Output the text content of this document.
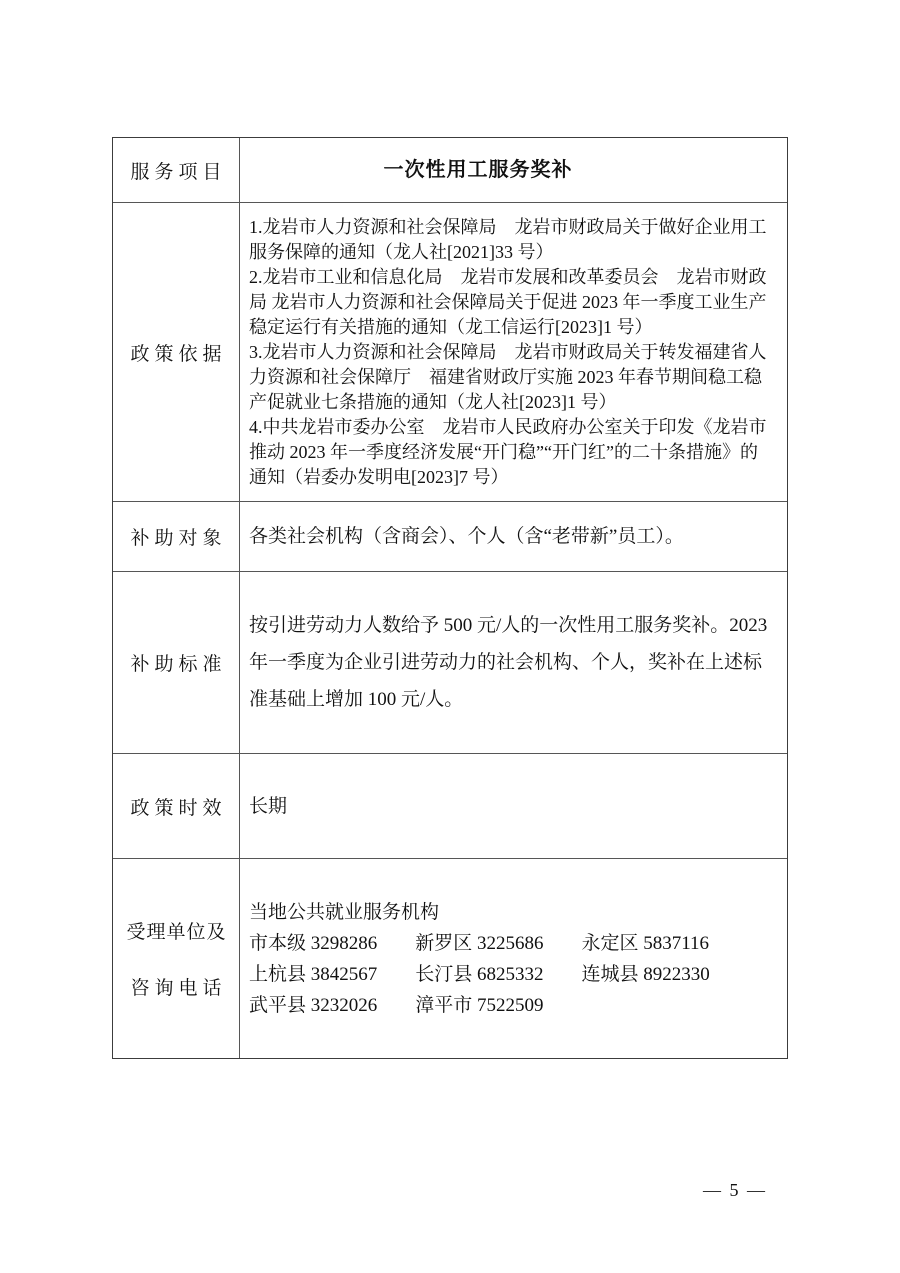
服务项目	一次性用工服务奖补
政策依据
1.龙岩市人力资源和社会保障局　龙岩市财政局关于做好企业用工服务保障的通知（龙人社[2021]33 号）
2.龙岩市工业和信息化局　龙岩市发展和改革委员会　龙岩市财政局 龙岩市人力资源和社会保障局关于促进 2023 年一季度工业生产稳定运行有关措施的通知（龙工信运行[2023]1 号）
3.龙岩市人力资源和社会保障局　龙岩市财政局关于转发福建省人力资源和社会保障厅　福建省财政厅实施 2023 年春节期间稳工稳产促就业七条措施的通知（龙人社[2023]1 号）
4.中共龙岩市委办公室　龙岩市人民政府办公室关于印发《龙岩市推动 2023 年一季度经济发展“开门稳”“开门红”的二十条措施》的通知（岩委办发明电[2023]7 号）
补助对象 各类社会机构（含商会）、个人（含“老带新”员工）。
补助标准
按引进劳动力人数给予 500 元/人的一次性用工服务奖补。2023 年一季度为企业引进劳动力的社会机构、个人，奖补在上述标准基础上增加 100 元/人。
政策时效 长期
受理单位及
咨询电话
当地公共就业服务机构
市本级 3298286　　新罗区 3225686　　永定区 5837116
上杭县 3842567　　长汀县 6825332　　连城县 8922330
武平县 3232026　　漳平市 7522509
— 5 —
